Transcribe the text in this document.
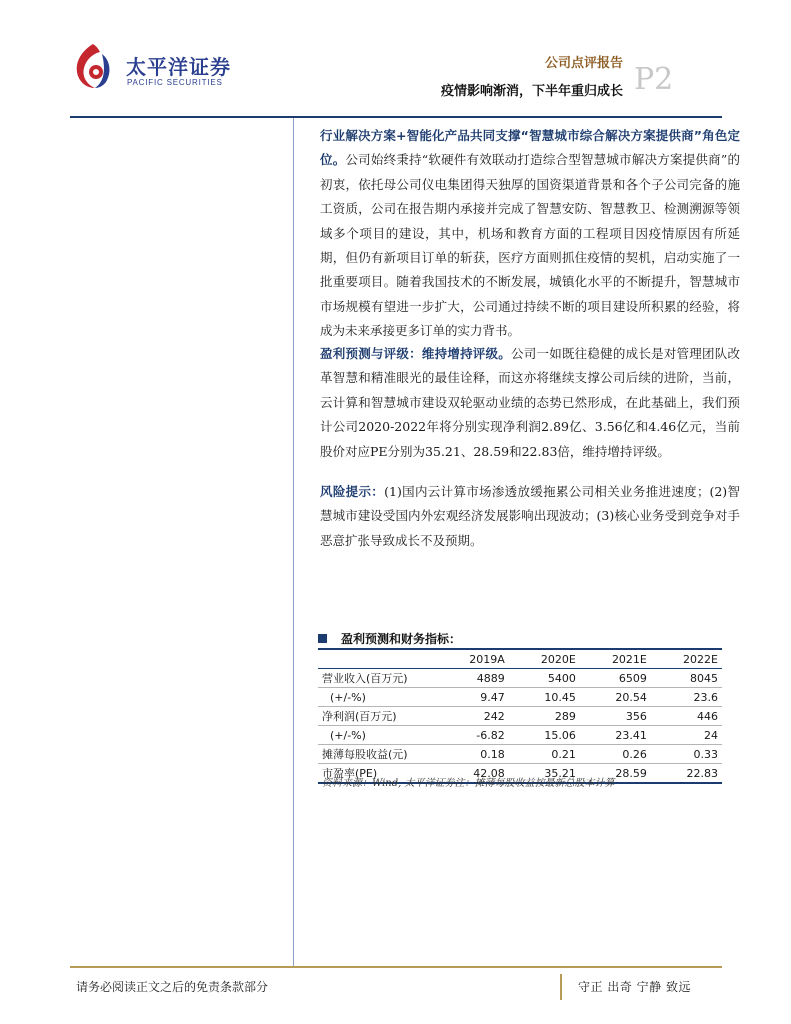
太平洋证券
PACIFIC SECURITIES
公司点评报告
疫情影响渐消，下半年重归成长 P2
行业解决方案+智能化产品共同支撑“智慧城市综合解决方案提供商”角色定位。公司始终秉持“软硬件有效联动打造综合型智慧城市解决方案提供商”的初衷，依托母公司仪电集团得天独厚的国资渠道背景和各个子公司完备的施工资质，公司在报告期内承接并完成了智慧安防、智慧教卫、检测溯源等领域多个项目的建设，其中，机场和教育方面的工程项目因疫情原因有所延期，但仍有新项目订单的斩获，医疗方面则抓住疫情的契机，启动实施了一批重要项目。随着我国技术的不断发展，城镇化水平的不断提升，智慧城市市场规模有望进一步扩大，公司通过持续不断的项目建设所积累的经验，将成为未来承接更多订单的实力背书。
盈利预测与评级：维持增持评级。公司一如既往稳健的成长是对管理团队改革智慧和精准眼光的最佳诠释，而这亦将继续支撑公司后续的进阶，当前，云计算和智慧城市建设双轮驱动业绩的态势已然形成，在此基础上，我们预计公司2020-2022年将分别实现净利润2.89亿、3.56亿和4.46亿元，当前股价对应PE分别为35.21、28.59和22.83倍，维持增持评级。
风险提示：(1)国内云计算市场渗透放缓拖累公司相关业务推进速度；(2)智慧城市建设受国内外宏观经济发展影响出现波动；(3)核心业务受到竞争对手恶意扩张导致成长不及预期。
盈利预测和财务指标：
	2019A	2020E	2021E	2022E
营业收入(百万元)	4889	5400	6509	8045
(+/-%)	9.47	10.45	20.54	23.6
净利润(百万元)	242	289	356	446
(+/-%)	-6.82	15.06	23.41	24
摊薄每股收益(元)	0.18	0.21	0.26	0.33
市盈率(PE)	42.08	35.21	28.59	22.83
资料来源：Wind, 太平洋证券注：摊薄每股收益按最新总股本计算
请务必阅读正文之后的免责条款部分	守正 出奇 宁静 致远
